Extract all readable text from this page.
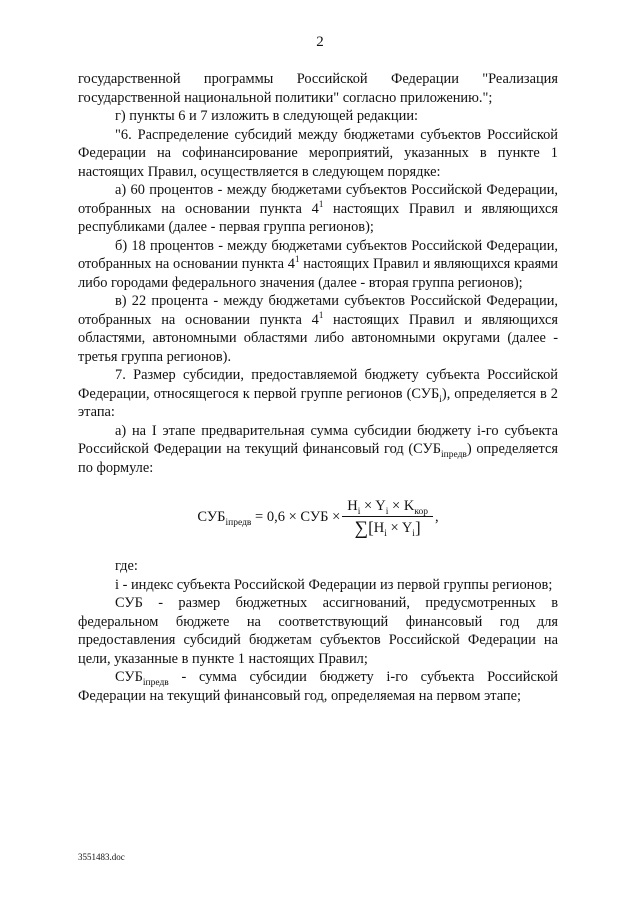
2

государственной программы Российской Федерации "Реализация государственной национальной политики" согласно приложению.";

г) пункты 6 и 7 изложить в следующей редакции:

"6. Распределение субсидий между бюджетами субъектов Российской Федерации на софинансирование мероприятий, указанных в пункте 1 настоящих Правил, осуществляется в следующем порядке:

а) 60 процентов - между бюджетами субъектов Российской Федерации, отобранных на основании пункта $4^1$ настоящих Правил и являющихся республиками (далее - первая группа регионов);

б) 18 процентов - между бюджетами субъектов Российской Федерации, отобранных на основании пункта $4^1$ настоящих Правил и являющихся краями либо городами федерального значения (далее - вторая группа регионов);

в) 22 процента - между бюджетами субъектов Российской Федерации, отобранных на основании пункта $4^1$ настоящих Правил и являющихся областями, автономными областями либо автономными округами (далее - третья группа регионов).

7. Размер субсидии, предоставляемой бюджету субъекта Российской Федерации, относящегося к первой группе регионов $(СУБ_i)$, определяется в 2 этапа:

а) на I этапе предварительная сумма субсидии бюджету i-го субъекта Российской Федерации на текущий финансовый год $(СУБ_{iпредв})$ определяется по формуле:

$СУБ_{iпредв} = 0,6$ × СУБ × $\frac{H_i \times Y_i \times K_{кор}}{\sum[H_i \times Y_i]}$ ,

где:

i - индекс субъекта Российской Федерации из первой группы регионов;

СУБ - размер бюджетных ассигнований, предусмотренных в федеральном бюджете на соответствующий финансовый год для предоставления субсидий бюджетам субъектов Российской Федерации на цели, указанные в пункте 1 настоящих Правил;

$СУБ_{iпредв}$ - сумма субсидии бюджету i-го субъекта Российской Федерации на текущий финансовый год, определяемая на первом этапе;

3551483.doc
